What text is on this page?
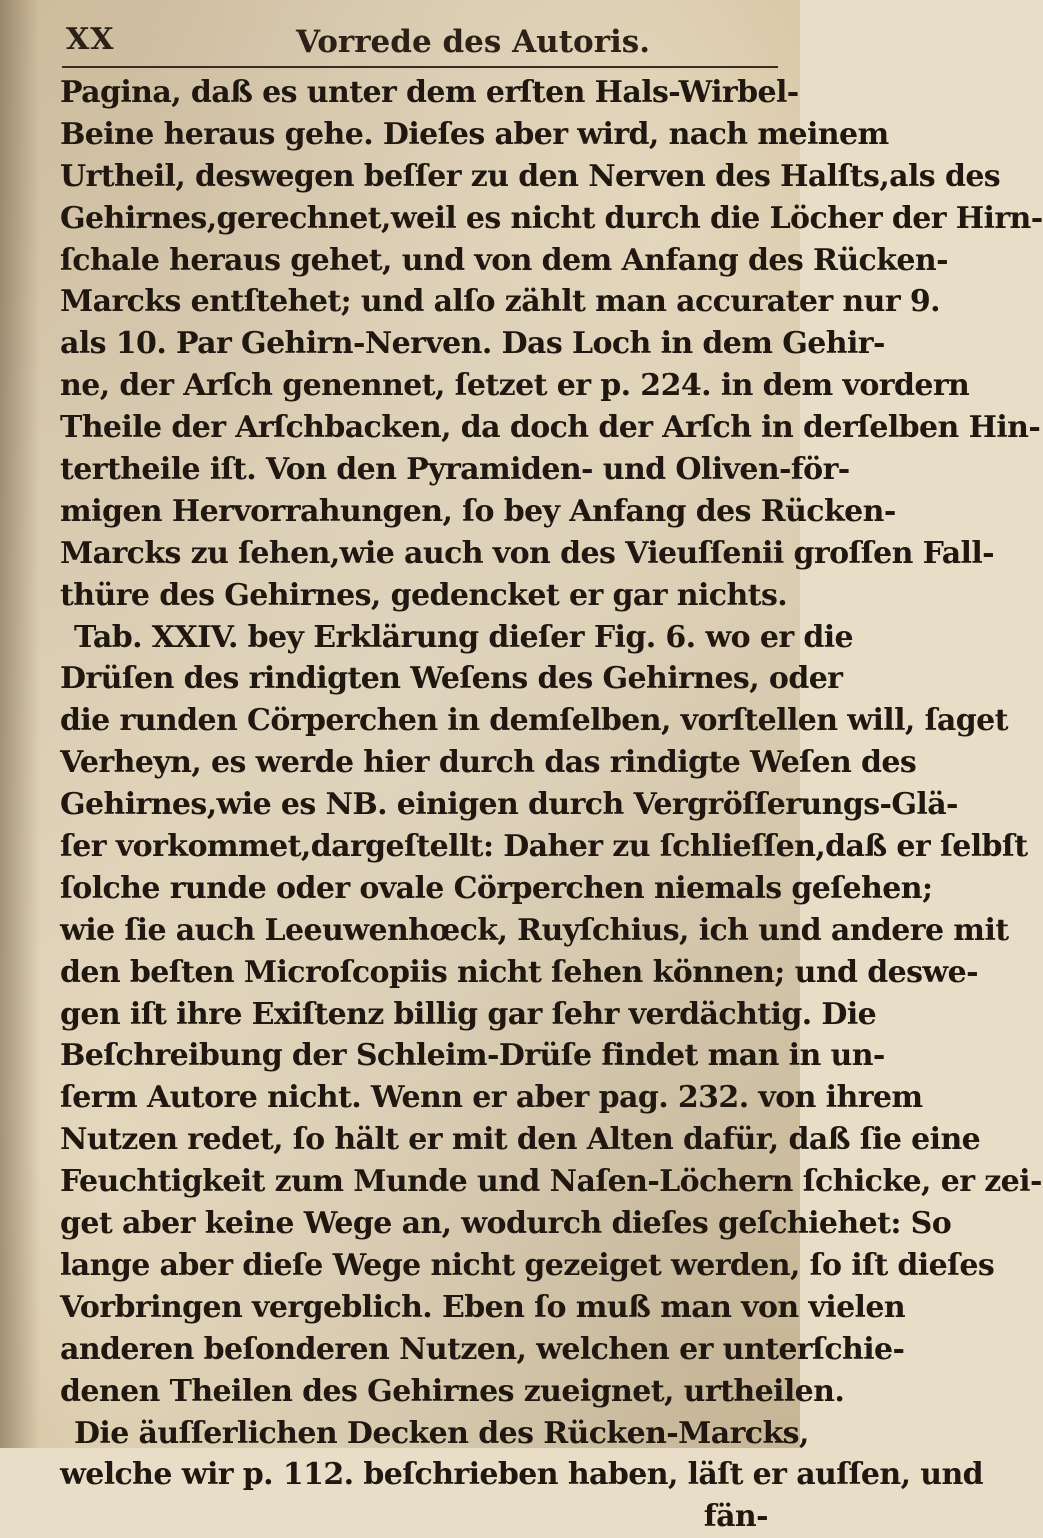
XX	Vorrede des Autoris.
Pagina, daß es unter dem erſten Hals-Wirbel-
Beine heraus gehe. Dieſes aber wird, nach meinem
Urtheil, deswegen beſſer zu den Nerven des Halſts,als des
Gehirnes,gerechnet,weil es nicht durch die Löcher der Hirn-
ſchale heraus gehet, und von dem Anfang des Rücken-
Marcks entſtehet; und alſo zählt man accurater nur 9.
als 10. Par Gehirn-Nerven. Das Loch in dem Gehir-
ne, der Arſch genennet, ſetzet er p. 224. in dem vordern
Theile der Arſchbacken, da doch der Arſch in derſelben Hin-
tertheile iſt. Von den Pyramiden- und Oliven-för-
migen Hervorrahungen, ſo bey Anfang des Rücken-
Marcks zu ſehen,wie auch von des Vieuſſenii groſſen Fall-
thüre des Gehirnes, gedencket er gar nichts.
Tab. XXIV. bey Erklärung dieſer Fig. 6. wo er die
Drüſen des rindigten Weſens des Gehirnes, oder
die runden Cörperchen in demſelben, vorſtellen will, ſaget
Verheyn, es werde hier durch das rindigte Weſen des
Gehirnes,wie es NB. einigen durch Vergröſſerungs-Glä-
ſer vorkommet,dargeſtellt: Daher zu ſchlieſſen,daß er ſelbſt
ſolche runde oder ovale Cörperchen niemals geſehen;
wie ſie auch Leeuwenhœck, Ruyſchius, ich und andere mit
den beſten Microſcopiis nicht ſehen können; und deswe-
gen iſt ihre Exiſtenz billig gar ſehr verdächtig. Die
Beſchreibung der Schleim-Drüſe findet man in un-
ſerm Autore nicht. Wenn er aber pag. 232. von ihrem
Nutzen redet, ſo hält er mit den Alten dafür, daß ſie eine
Feuchtigkeit zum Munde und Naſen-Löchern ſchicke, er zei-
get aber keine Wege an, wodurch dieſes geſchiehet: So
lange aber dieſe Wege nicht gezeiget werden, ſo iſt dieſes
Vorbringen vergeblich. Eben ſo muß man von vielen
anderen beſonderen Nutzen, welchen er unterſchie-
denen Theilen des Gehirnes zueignet, urtheilen.
Die äuſſerlichen Decken des Rücken-Marcks,
welche wir p. 112. beſchrieben haben, läſt er auſſen, und
fän-
